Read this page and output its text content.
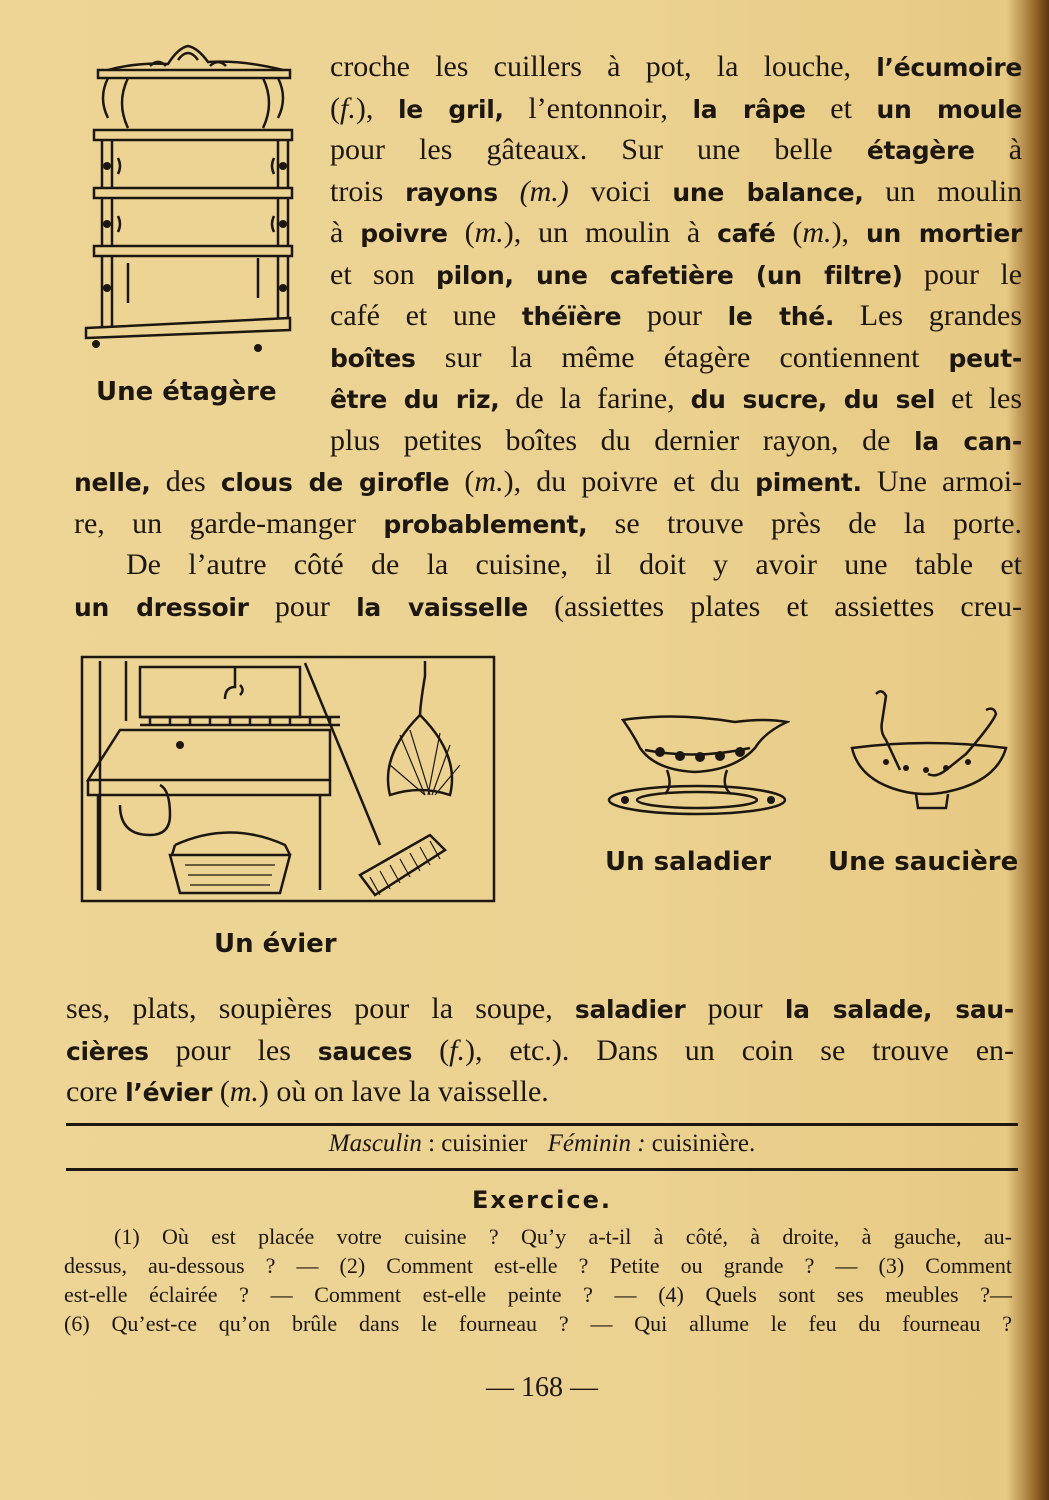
Une étagère
croche les cuillers à pot, la louche, l’écumoire
(f.), le gril, l’entonnoir, la râpe et un moule
pour les gâteaux. Sur une belle étagère à
trois rayons (m.) voici une balance, un moulin
à poivre (m.), un moulin à café (m.), un mortier
et son pilon, une cafetière (un filtre) pour le
café et une théïère pour le thé. Les grandes
boîtes sur la même étagère contiennent peut-
être du riz, de la farine, du sucre, du sel et les
plus petites boîtes du dernier rayon, de la can-
nelle, des clous de girofle (m.), du poivre et du piment. Une armoi-
re, un garde-manger probablement, se trouve près de la porte.
De l’autre côté de la cuisine, il doit y avoir une table et
un dressoir pour la vaisselle (assiettes plates et assiettes creu-
Un évier
Un saladier Une saucière
ses, plats, soupières pour la soupe, saladier pour la salade, sau-
cières pour les sauces (f.), etc.). Dans un coin se trouve en-
core l’évier (m.) où on lave la vaisselle.
Masculin : cuisinier Féminin : cuisinière.
Exercice.
(1) Où est placée votre cuisine ? Qu’y a-t-il à côté, à droite, à gauche, au-
dessus, au-dessous ? — (2) Comment est-elle ? Petite ou grande ? — (3) Comment
est-elle éclairée ? — Comment est-elle peinte ? — (4) Quels sont ses meubles ?—
(6) Qu’est-ce qu’on brûle dans le fourneau ? — Qui allume le feu du fourneau ?
— 168 —
